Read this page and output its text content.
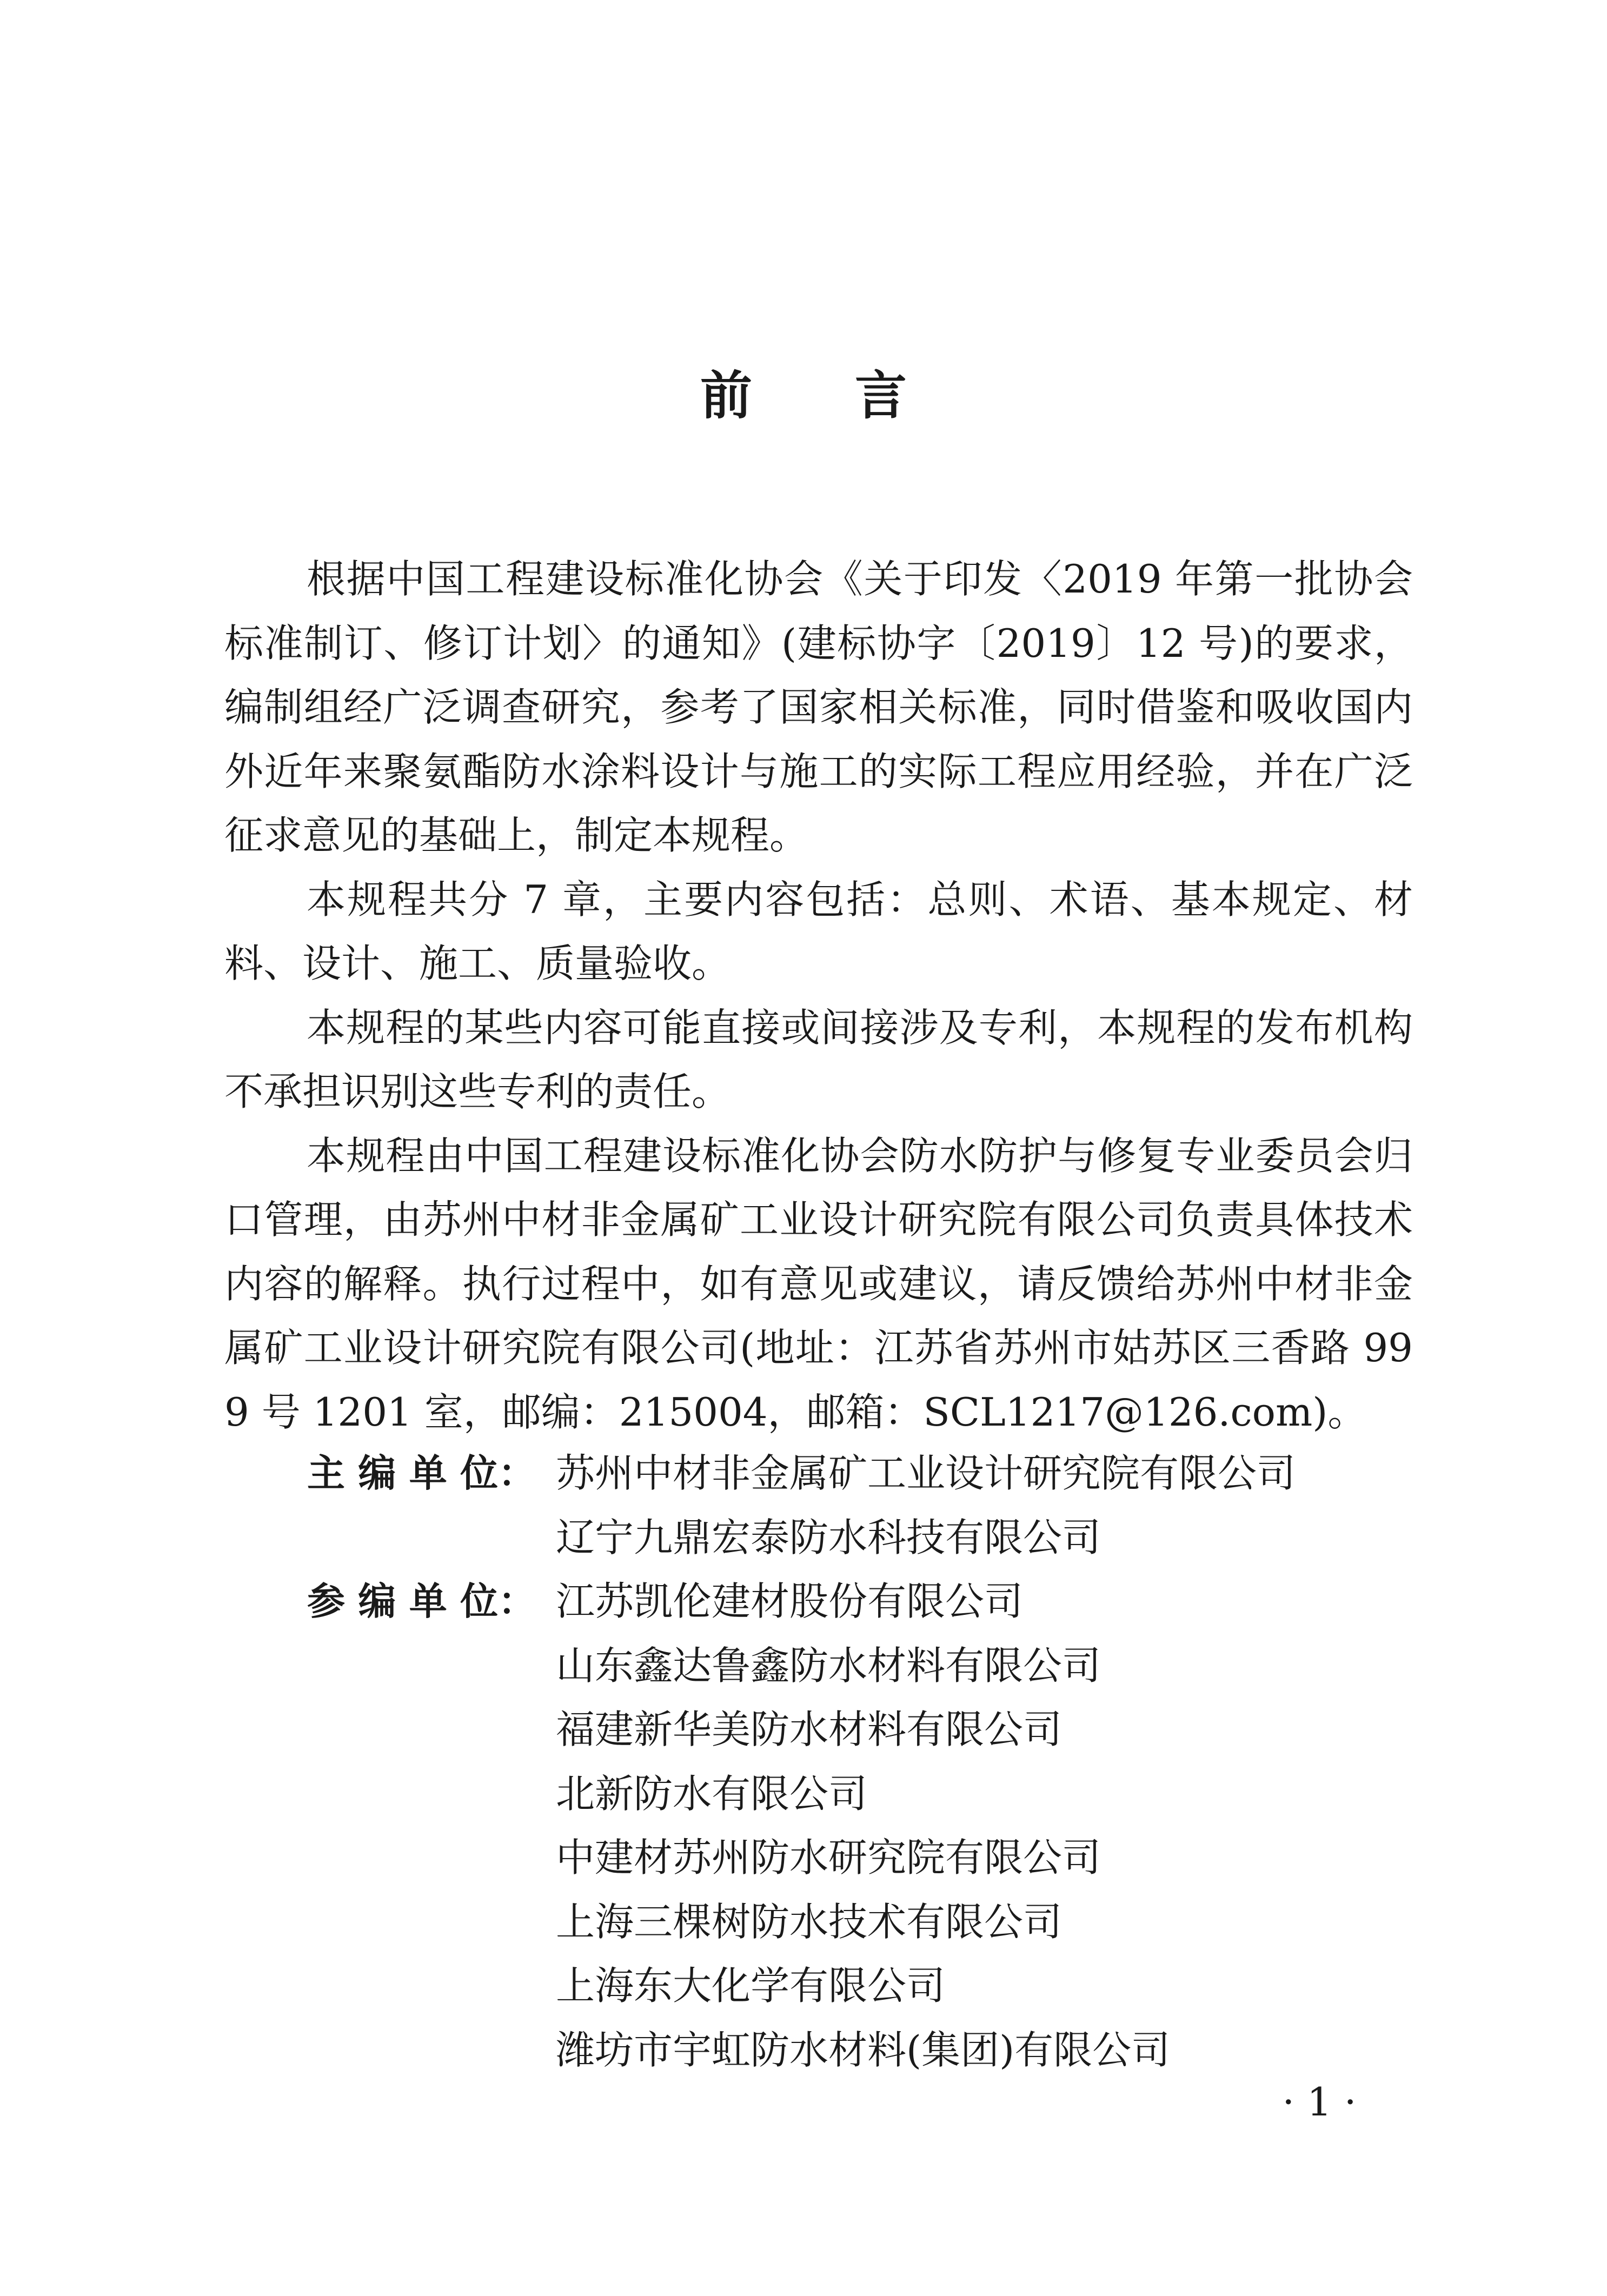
前 言

根据中国工程建设标准化协会《关于印发〈2019 年第一批协会标准制订、修订计划〉的通知》(建标协字〔2019〕12 号)的要求，编制组经广泛调查研究，参考了国家相关标准，同时借鉴和吸收国内外近年来聚氨酯防水涂料设计与施工的实际工程应用经验，并在广泛征求意见的基础上，制定本规程。

本规程共分 7 章，主要内容包括：总则、术语、基本规定、材料、设计、施工、质量验收。

本规程的某些内容可能直接或间接涉及专利，本规程的发布机构不承担识别这些专利的责任。

本规程由中国工程建设标准化协会防水防护与修复专业委员会归口管理，由苏州中材非金属矿工业设计研究院有限公司负责具体技术内容的解释。执行过程中，如有意见或建议，请反馈给苏州中材非金属矿工业设计研究院有限公司(地址：江苏省苏州市姑苏区三香路 999 号 1201 室，邮编：215004，邮箱：SCL1217@126.com)。

主 编 单 位： 苏州中材非金属矿工业设计研究院有限公司
辽宁九鼎宏泰防水科技有限公司
参 编 单 位： 江苏凯伦建材股份有限公司
山东鑫达鲁鑫防水材料有限公司
福建新华美防水材料有限公司
北新防水有限公司
中建材苏州防水研究院有限公司
上海三棵树防水技术有限公司
上海东大化学有限公司
潍坊市宇虹防水材料(集团)有限公司
· 1 ·
